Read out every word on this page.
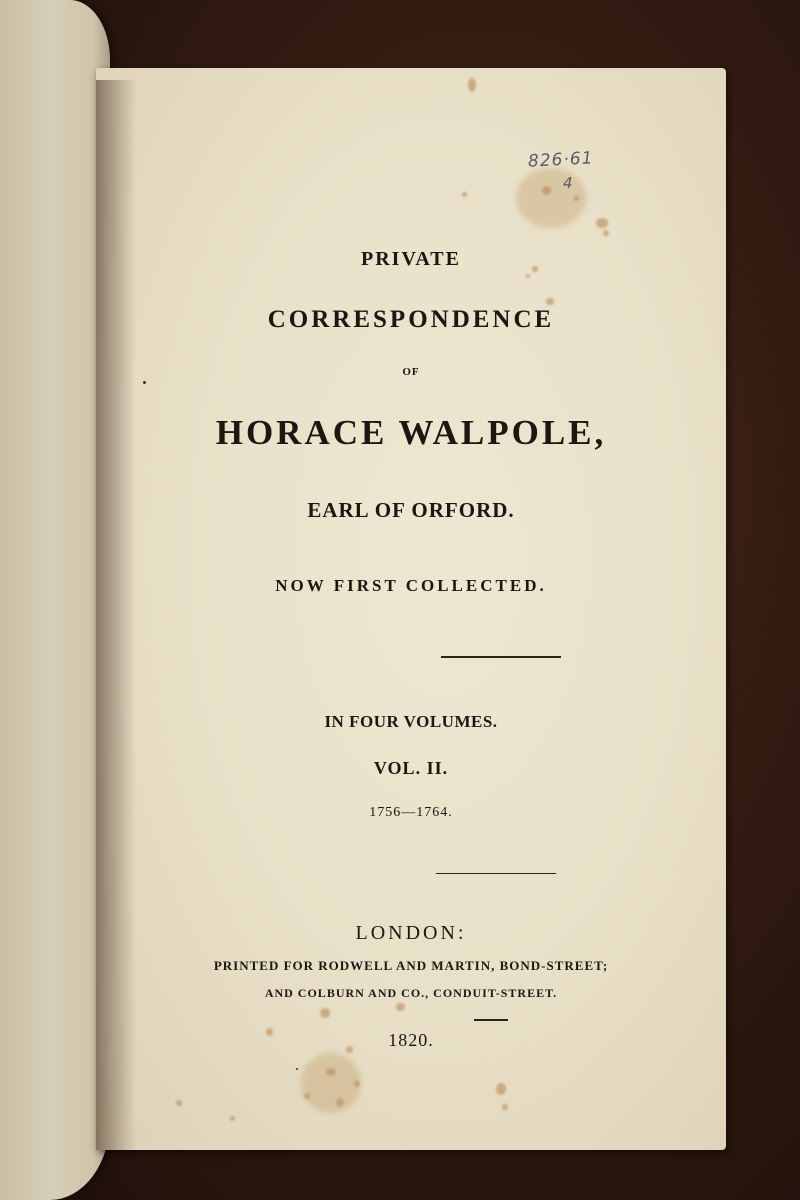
PRIVATE

CORRESPONDENCE

OF

HORACE WALPOLE,

EARL OF ORFORD.

NOW FIRST COLLECTED.

IN FOUR VOLUMES.

VOL. II.

1756—1764.

LONDON:

PRINTED FOR RODWELL AND MARTIN, BOND-STREET;

AND COLBURN AND CO., CONDUIT-STREET.

1820.

826·61
4
